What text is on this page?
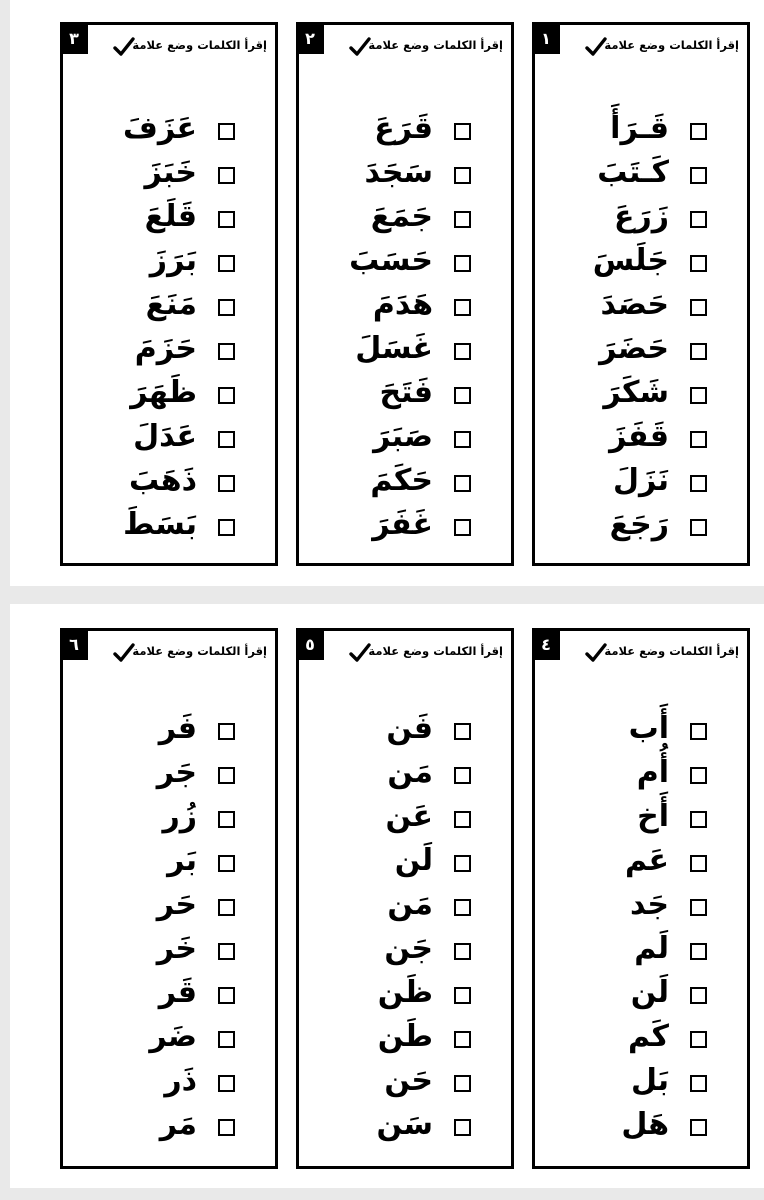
١	إقرأ الكلمات وضع علامة
قَـرَأَ
كَـتَبَ
زَرَعَ
جَلَسَ
حَصَدَ
حَضَرَ
شَكَرَ
قَفَزَ
نَزَلَ
رَجَعَ
٢	إقرأ الكلمات وضع علامة
قَرَعَ
سَجَدَ
جَمَعَ
حَسَبَ
هَدَمَ
غَسَلَ
فَتَحَ
صَبَرَ
حَكَمَ
غَفَرَ
٣	إقرأ الكلمات وضع علامة
عَزَفَ
خَبَزَ
قَلَعَ
بَرَزَ
مَنَعَ
حَزَمَ
ظَهَرَ
عَدَلَ
ذَهَبَ
بَسَطَ
٤	إقرأ الكلمات وضع علامة
أَب
أُم
أَخ
عَم
جَد
لَم
لَن
كَم
بَل
هَل
٥	إقرأ الكلمات وضع علامة
فَن
مَن
عَن
لَن
مَن
جَن
ظَن
طَن
حَن
سَن
٦	إقرأ الكلمات وضع علامة
فَر
جَر
زُر
بَر
حَر
خَر
قَر
ضَر
ذَر
مَر
